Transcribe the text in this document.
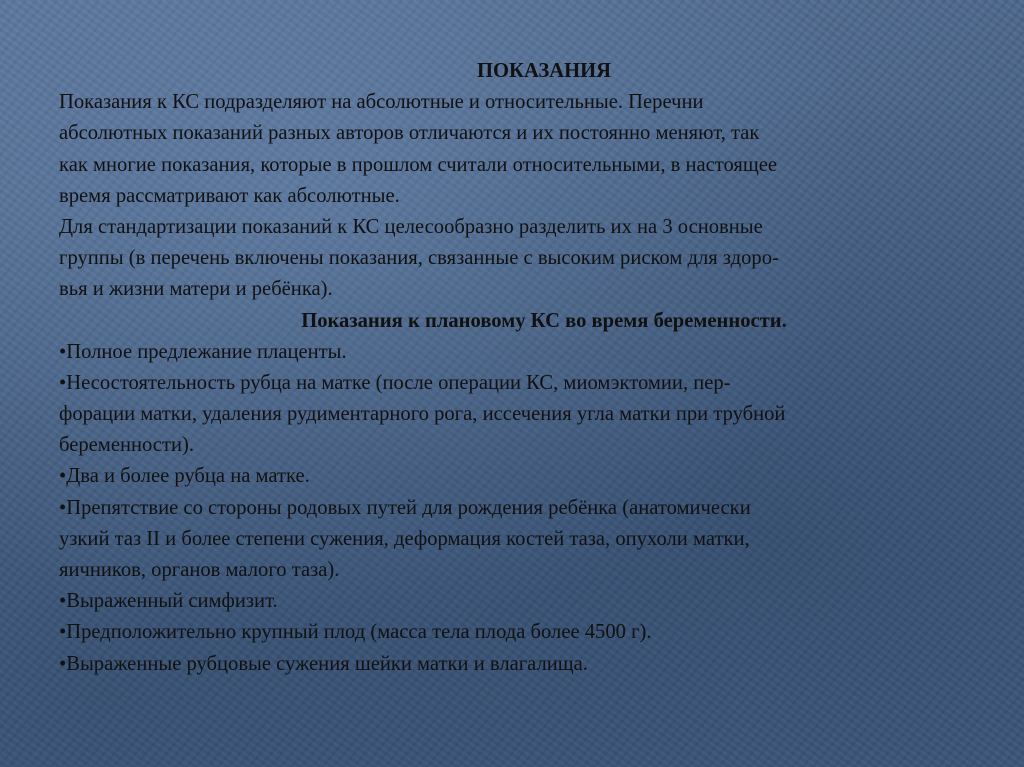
ПОКАЗАНИЯ
Показания к КС подразделяют на абсолютные и относительные. Перечни
абсолютных показаний разных авторов отличаются и их постоянно меняют, так
как многие показания, которые в прошлом считали относительными, в настоящее
время рассматривают как абсолютные.
Для стандартизации показаний к КС целесообразно разделить их на 3 основные
группы (в перечень включены показания, связанные с высоким риском для здоро-
вья и жизни матери и ребёнка).
Показания к плановому КС во время беременности.
•Полное предлежание плаценты.
•Несостоятельность рубца на матке (после операции КС, миомэктомии, пер-
форации матки, удаления рудиментарного рога, иссечения угла матки при трубной
беременности).
•Два и более рубца на матке.
•Препятствие со стороны родовых путей для рождения ребёнка (анатомически
узкий таз II и более степени сужения, деформация костей таза, опухоли матки,
яичников, органов малого таза).
•Выраженный симфизит.
•Предположительно крупный плод (масса тела плода более 4500 г).
•Выраженные рубцовые сужения шейки матки и влагалища.
